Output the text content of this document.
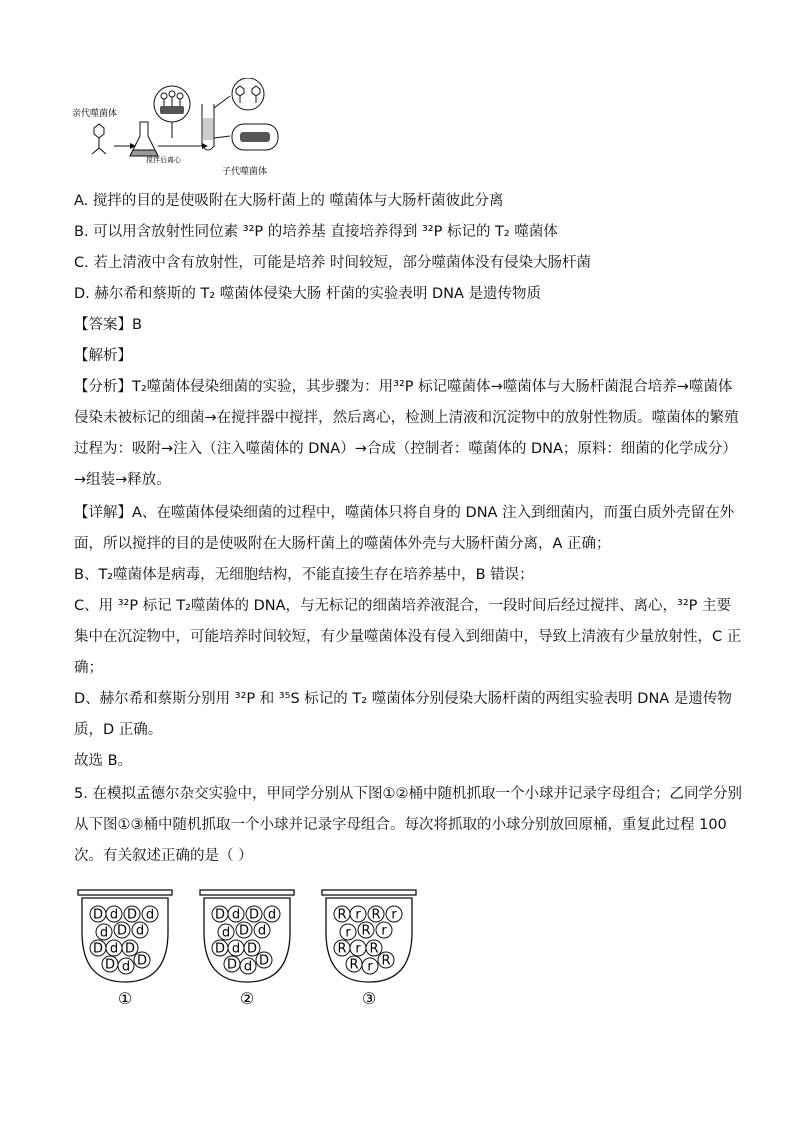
亲代噬菌体
搅拌后离心
子代噬菌体
A. 搅拌的目的是使吸附在大肠杆菌上的 噬菌体与大肠杆菌彼此分离
B. 可以用含放射性同位素 ³²P 的培养基 直接培养得到 ³²P 标记的 T₂ 噬菌体
C. 若上清液中含有放射性，可能是培养 时间较短，部分噬菌体没有侵染大肠杆菌
D. 赫尔希和蔡斯的 T₂ 噬菌体侵染大肠 杆菌的实验表明 DNA 是遗传物质
【答案】B
【解析】
【分析】T₂噬菌体侵染细菌的实验，其步骤为：用³²P 标记噬菌体→噬菌体与大肠杆菌混合培养→噬菌体
侵染未被标记的细菌→在搅拌器中搅拌，然后离心，检测上清液和沉淀物中的放射性物质。噬菌体的繁殖
过程为：吸附→注入（注入噬菌体的 DNA）→合成（控制者：噬菌体的 DNA；原料：细菌的化学成分）
→组装→释放。
【详解】A、在噬菌体侵染细菌的过程中，噬菌体只将自身的 DNA 注入到细菌内，而蛋白质外壳留在外
面，所以搅拌的目的是使吸附在大肠杆菌上的噬菌体外壳与大肠杆菌分离，A 正确；
B、T₂噬菌体是病毒，无细胞结构，不能直接生存在培养基中，B 错误；
C、用 ³²P 标记 T₂噬菌体的 DNA，与无标记的细菌培养液混合，一段时间后经过搅拌、离心，³²P 主要
集中在沉淀物中，可能培养时间较短，有少量噬菌体没有侵入到细菌中，导致上清液有少量放射性，C 正
确；
D、赫尔希和蔡斯分别用 ³²P 和 ³⁵S 标记的 T₂ 噬菌体分别侵染大肠杆菌的两组实验表明 DNA 是遗传物
质，D 正确。
故选 B。
5. 在模拟孟德尔杂交实验中，甲同学分别从下图①②桶中随机抓取一个小球并记录字母组合；乙同学分别
从下图①③桶中随机抓取一个小球并记录字母组合。每次将抓取的小球分别放回原桶，重复此过程 100
次。有关叙述正确的是（ ）
D d D d
d D d
D d D
D d D
①
D d D d
d D d
D d D
D d D
②
R r R r
r R r
R r R
R r R
③
